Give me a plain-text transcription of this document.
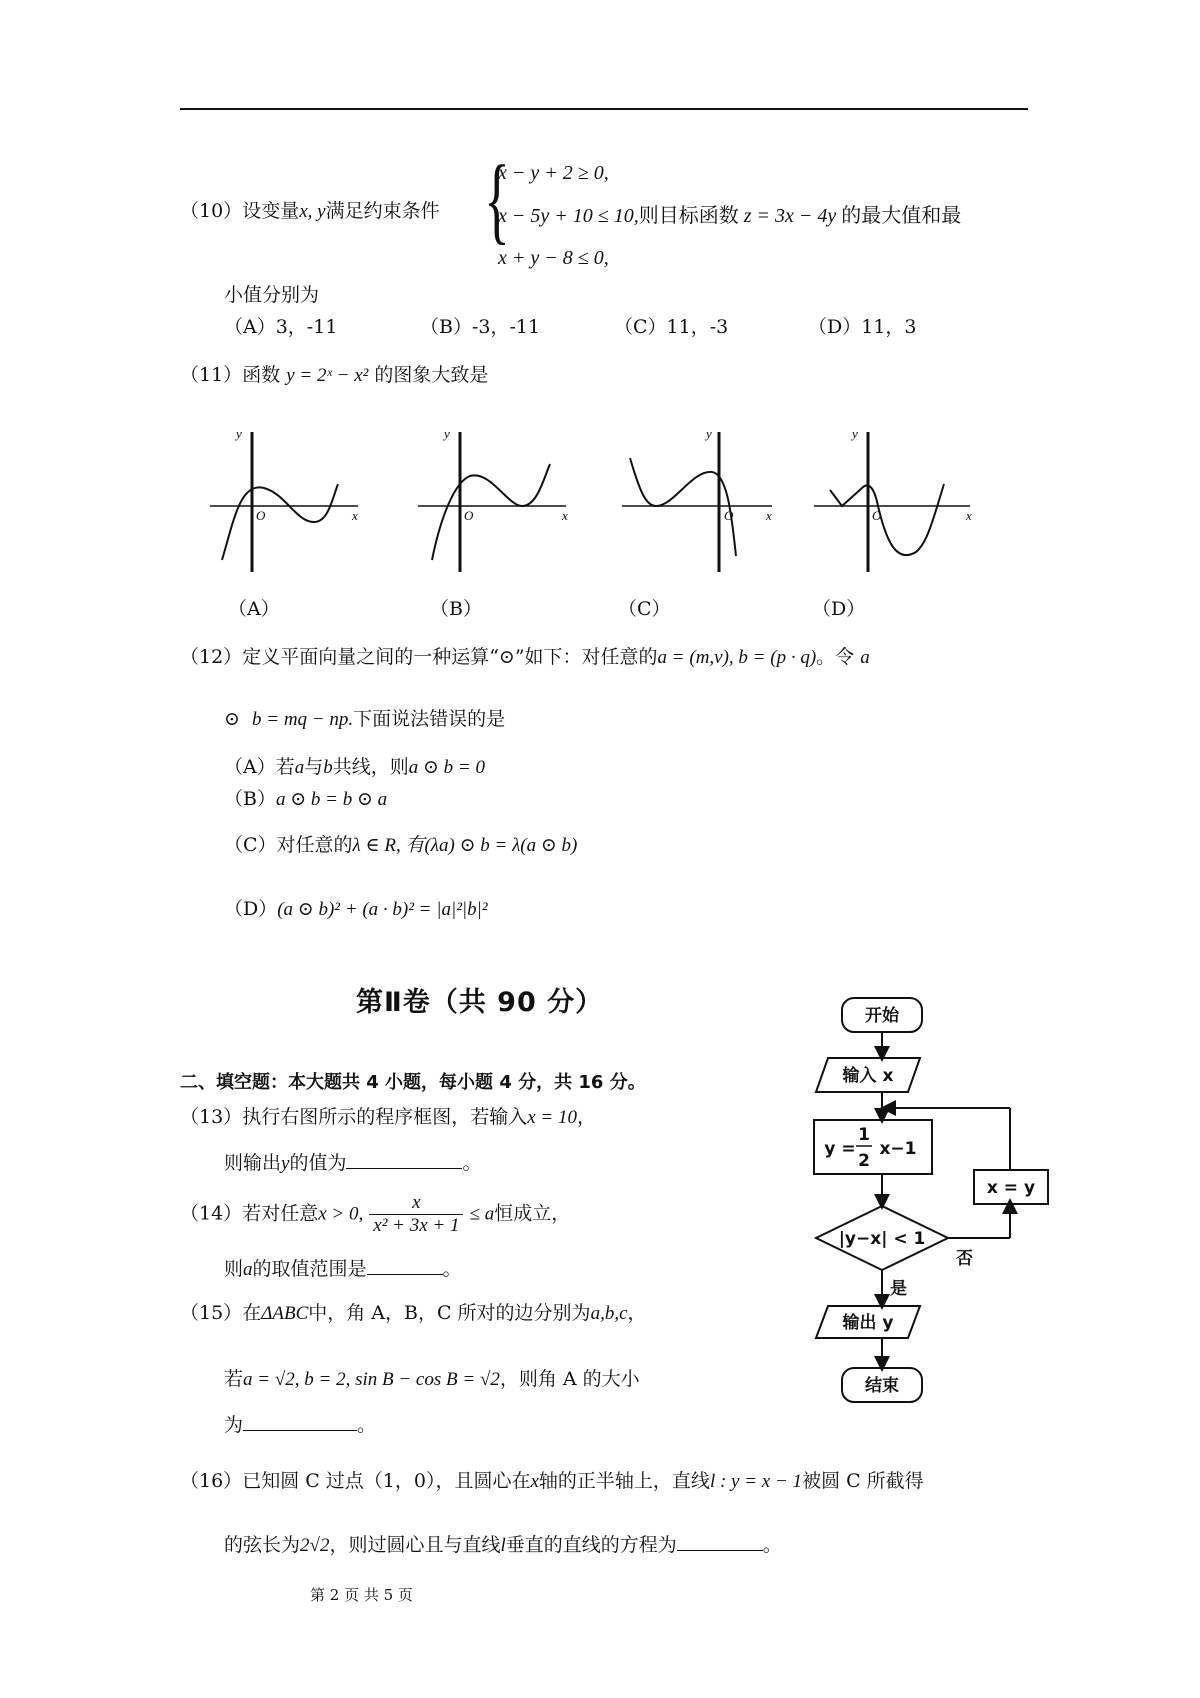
（10）设变量x, y满足约束条件 {
x − y + 2 ≥ 0,
x − 5y + 10 ≤ 10,则目标函数 z = 3x − 4y 的最大值和最
x + y − 8 ≤ 0,
小值分别为
（A）3，-11	（B）-3，-11	（C）11，-3	（D）11，3
（11）函数 y = 2ˣ − x² 的图象大致是
y
x
O
y
x
O
y
x
O
y
x
O
（A）	（B）	（C）	（D）
（12）定义平面向量之间的一种运算“⊙”如下：对任意的a = (m,v), b = (p · q)。令 a
⊙ b = mq − np.下面说法错误的是
（A）若a与b共线，则a ⊙ b = 0
（B）a ⊙ b = b ⊙ a
（C）对任意的λ ∈ R, 有(λa) ⊙ b = λ(a ⊙ b)
（D）(a ⊙ b)² + (a · b)² = |a|²|b|²
第Ⅱ卷（共 90 分）
二、填空题：本大题共 4 小题，每小题 4 分，共 16 分。
（13）执行右图所示的程序框图，若输入x = 10，
则输出y的值为	。
（14）若对任意x > 0, $\frac{x}{\text{x² + 3x + 1}} \le a$恒成立，
则a的取值范围是	。
（15）在ΔABC中，角 A，B，C 所对的边分别为a,b,c，
若a = √2, b = 2, sin B − cos B = √2，则角 A 的大小
为	。
（16）已知圆 C 过点（1，0），且圆心在x轴的正半轴上，直线l : y = x − 1被圆 C 所截得
的弦长为2√2，则过圆心且与直线l垂直的直线的方程为	。
开始
输入 x
y =
1
2
x−1
x = y
|y−x| < 1
否
是
输出 y
结束
第 2 页 共 5 页
